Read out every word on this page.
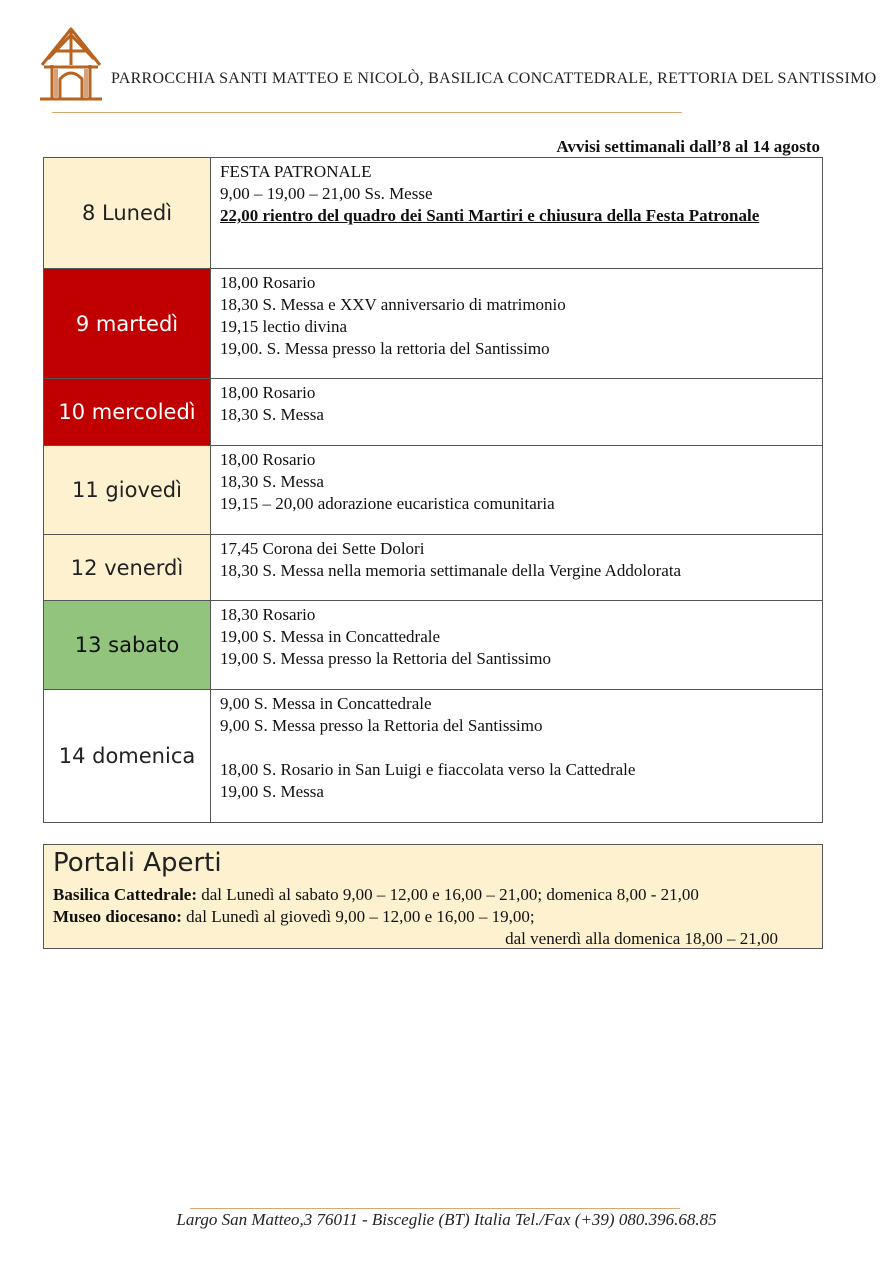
PARROCCHIA SANTI MATTEO E NICOLÒ, BASILICA CONCATTEDRALE, RETTORIA DEL SANTISSIMO
Avvisi settimanali dall’8 al 14 agosto
8 Lunedì	FESTA PATRONALE
9,00 – 19,00 – 21,00 Ss. Messe
22,00 rientro del quadro dei Santi Martiri e chiusura della Festa Patronale

9 martedì	18,00 Rosario
18,30 S. Messa e XXV anniversario di matrimonio
19,15 lectio divina
19,00. S. Messa presso la rettoria del Santissimo

10 mercoledì	18,00 Rosario
18,30 S. Messa

11 giovedì	18,00 Rosario
18,30 S. Messa
19,15 – 20,00 adorazione eucaristica comunitaria

12 venerdì	17,45 Corona dei Sette Dolori
18,30 S. Messa nella memoria settimanale della Vergine Addolorata

13 sabato	18,30 Rosario
19,00 S. Messa in Concattedrale
19,00 S. Messa presso la Rettoria del Santissimo

14 domenica	9,00 S. Messa in Concattedrale
9,00 S. Messa presso la Rettoria del Santissimo
18,00 S. Rosario in San Luigi e fiaccolata verso la Cattedrale
19,00 S. Messa
Portali Aperti
Basilica Cattedrale: dal Lunedì al sabato 9,00 – 12,00 e 16,00 – 21,00; domenica 8,00 - 21,00
Museo diocesano: dal Lunedì al giovedì 9,00 – 12,00 e 16,00 – 19,00;
dal venerdì alla domenica 18,00 – 21,00
Largo San Matteo,3 76011 - Bisceglie (BT) Italia Tel./Fax (+39) 080.396.68.85
